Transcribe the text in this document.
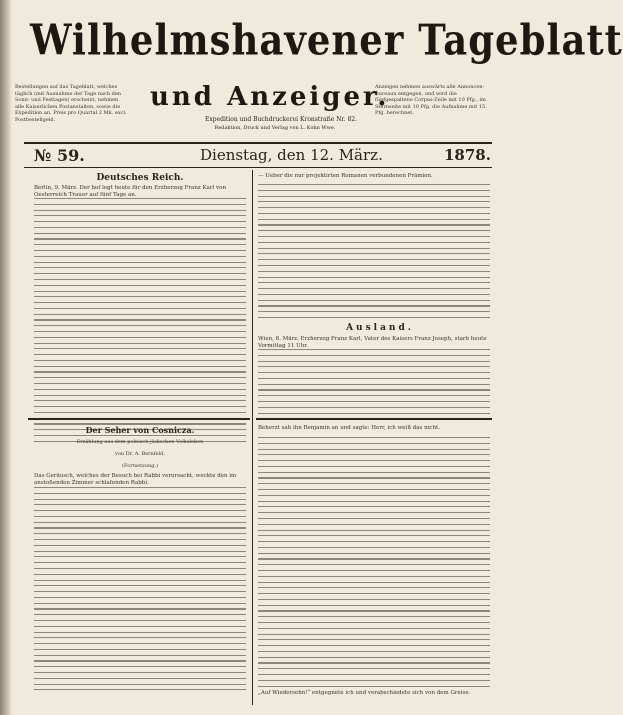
Wilhelmshavener Tageblatt
und Anzeiger.
Bestellungen auf das Tageblatt, welches täglich (mit Ausnahme der Tage nach den Sonn- und Festtagen) erscheint, nehmen alle Kaiserlichen Postanstalten, sowie die Expedition an. Preis pro Quartal 2 Mk. excl. Postbestellgeld.
Anzeigen nehmen auswärts alle Annoncen-Bureaux entgegen, und wird die fünfgespaltene Corpus-Zeile mit 10 Pfg., im Sternseite mit 10 Pfg. die Aufnahme mit 15 Pfg. berechnet.
Expedition und Buchdruckerei Kronstraße Nr. 82.
Redaktion, Druck und Verlag von L. Kohn Wwe.
№ 59.	Dienstag, den 12. März.	1878.
Deutsches Reich.
Berlin, 9. März. Der hof legt heute für den Erzherzog Franz Karl von Oesterreich Trauer auf fünf Tage an.
Der Seher von Cosnicza.
Erzählung aus dem polnisch-jüdischen Volksleben
von Dr. A. Bernfeld.
(Fortsetzung.)
Das Geräusch, welches der Besuch bei Rabbi verursacht, weckte den im anstoßenden Zimmer schlafenden Rabbi.
— Ueber die nur projektirten Romanen verbundenen Prämien.
Ausland.
Wien, 8. März. Erzherzog Franz Karl, Vater des Kaisers Franz Joseph, starb heute Vormittag 11 Uhr.
Beherzt sah ihn Benjamin an und sagte: Herr, ich weiß das nicht.
„Auf Wiedersehn!“ entgegnete ich und verabschiedete sich von dem Greise.
